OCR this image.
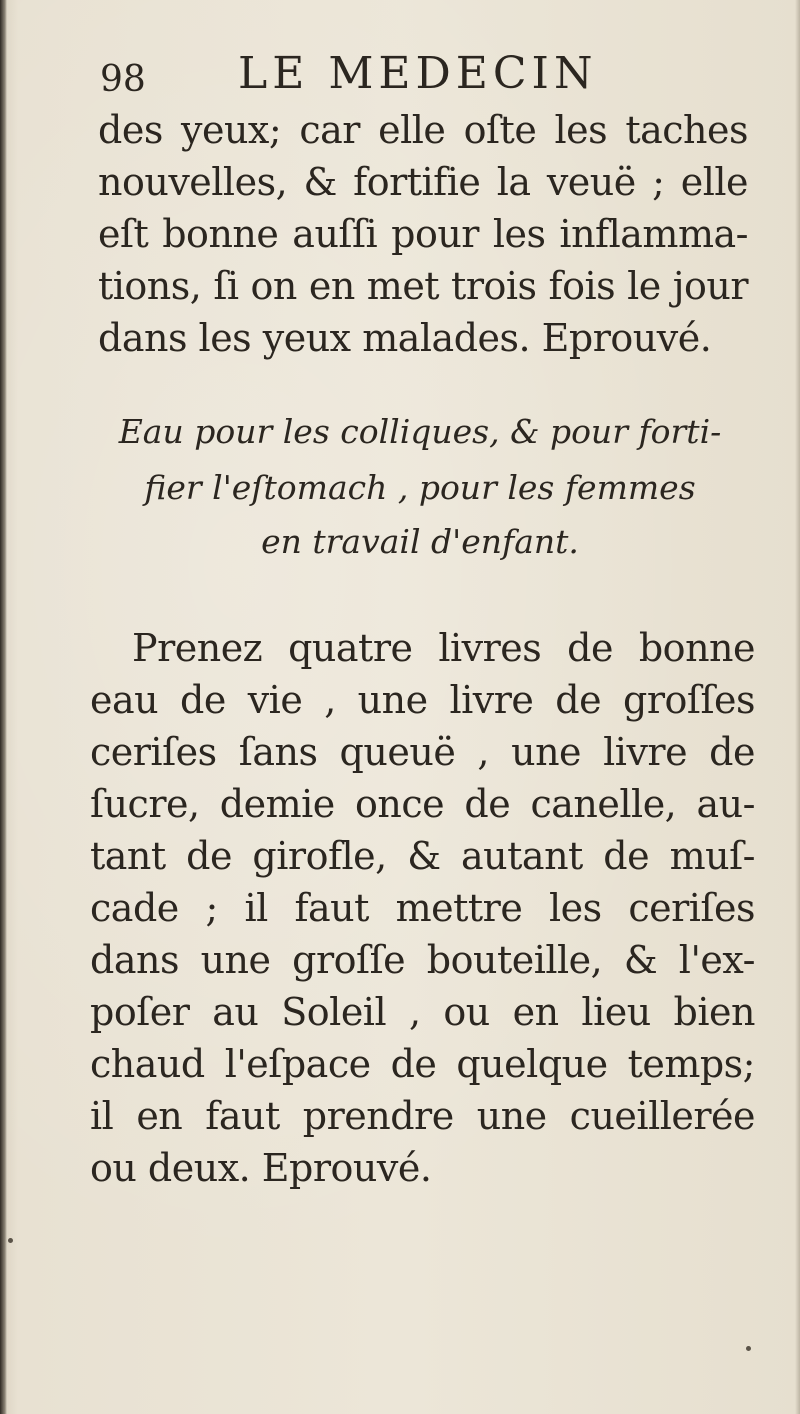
98 LE MEDECIN
des yeux; car elle oſte les taches
nouvelles, & fortifie la veuë ; elle
eſt bonne auſſi pour les inflamma-
tions, ſi on en met trois fois le jour
dans les yeux malades. Eprouvé.
Eau pour les colliques, & pour forti-
fier l'eſtomach , pour les femmes
en travail d'enfant.
Prenez quatre livres de bonne
eau de vie , une livre de groſſes
ceriſes ſans queuë , une livre de
ſucre, demie once de canelle, au-
tant de girofle, & autant de muſ-
cade ; il faut mettre les ceriſes
dans une groſſe bouteille, & l'ex-
poſer au Soleil , ou en lieu bien
chaud l'eſpace de quelque temps;
il en faut prendre une cueillerée
ou deux. Eprouvé.
